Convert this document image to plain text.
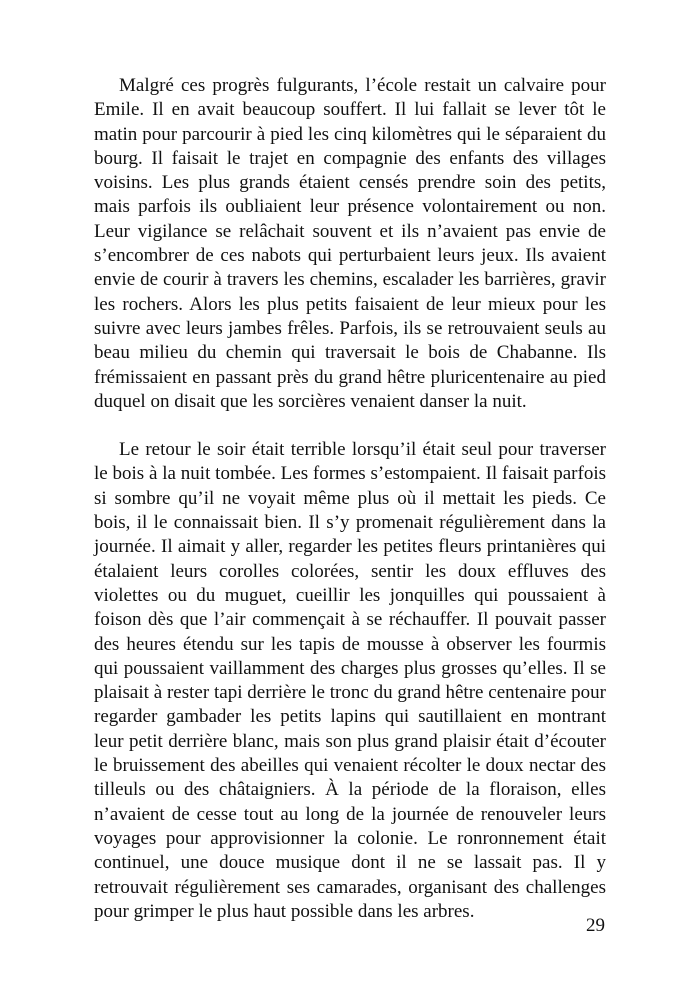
Malgré ces progrès fulgurants, l’école restait un calvaire pour Emile. Il en avait beaucoup souffert. Il lui fallait se lever tôt le matin pour parcourir à pied les cinq kilomètres qui le séparaient du bourg. Il faisait le trajet en compagnie des enfants des villages voisins. Les plus grands étaient censés prendre soin des petits, mais parfois ils oubliaient leur présence volontairement ou non. Leur vigilance se relâchait souvent et ils n’avaient pas envie de s’encombrer de ces nabots qui perturbaient leurs jeux. Ils avaient envie de courir à travers les chemins, escalader les barrières, gravir les rochers. Alors les plus petits faisaient de leur mieux pour les suivre avec leurs jambes frêles. Parfois, ils se retrouvaient seuls au beau milieu du chemin qui traversait le bois de Chabanne. Ils frémissaient en passant près du grand hêtre pluricentenaire au pied duquel on disait que les sorcières venaient danser la nuit.

Le retour le soir était terrible lorsqu’il était seul pour traverser le bois à la nuit tombée. Les formes s’estompaient. Il faisait parfois si sombre qu’il ne voyait même plus où il mettait les pieds. Ce bois, il le connaissait bien. Il s’y promenait régulièrement dans la journée. Il aimait y aller, regarder les petites fleurs printanières qui étalaient leurs corolles colorées, sentir les doux effluves des violettes ou du muguet, cueillir les jonquilles qui poussaient à foison dès que l’air commençait à se réchauffer. Il pouvait passer des heures étendu sur les tapis de mousse à observer les fourmis qui poussaient vaillamment des charges plus grosses qu’elles. Il se plaisait à rester tapi derrière le tronc du grand hêtre centenaire pour regarder gambader les petits lapins qui sautillaient en montrant leur petit derrière blanc, mais son plus grand plaisir était d’écouter le bruissement des abeilles qui venaient récolter le doux nectar des tilleuls ou des châtaigniers. À la période de la floraison, elles n’avaient de cesse tout au long de la journée de renouveler leurs voyages pour approvisionner la colonie. Le ronronnement était continuel, une douce musique dont il ne se lassait pas. Il y retrouvait régulièrement ses camarades, organisant des challenges pour grimper le plus haut possible dans les arbres.

29
